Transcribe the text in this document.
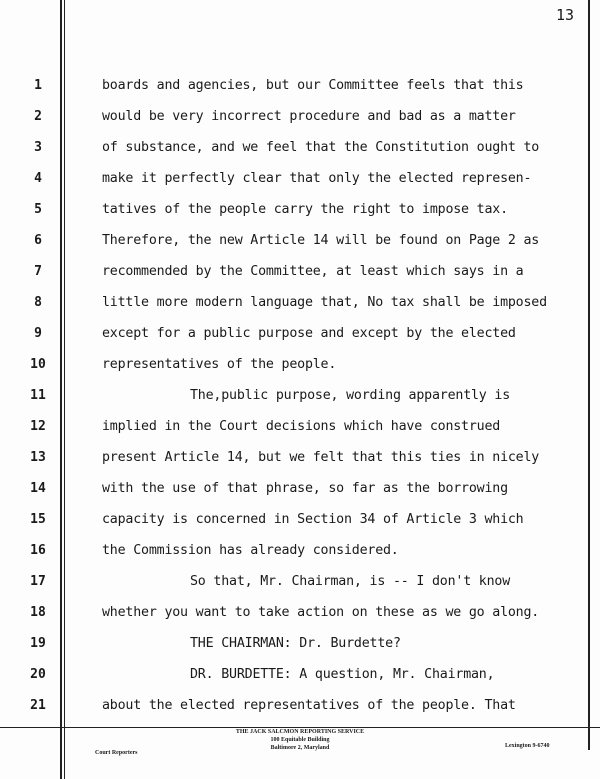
13
1	boards and agencies, but our Committee feels that this
2	would be very incorrect procedure and bad as a matter
3	of substance, and we feel that the Constitution ought to
4	make it perfectly clear that only the elected represen-
5	tatives of the people carry the right to impose tax.
6	Therefore, the new Article 14 will be found on Page 2 as
7	recommended by the Committee, at least which says in a
8	little more modern language that, No tax shall be imposed
9	except for a public purpose and except by the elected
10	representatives of the people.
11	The,public purpose, wording apparently is
12	implied in the Court decisions which have construed
13	present Article 14, but we felt that this ties in nicely
14	with the use of that phrase, so far as the borrowing
15	capacity is concerned in Section 34 of Article 3 which
16	the Commission has already considered.
17	So that, Mr. Chairman, is -- I don't know
18	whether you want to take action on these as we go along.
19	THE CHAIRMAN: Dr. Burdette?
20	DR. BURDETTE: A question, Mr. Chairman,
21	about the elected representatives of the people. That
Court Reporters
THE JACK SALCMON REPORTING SERVICE
100 Equitable Building
Baltimore 2, Maryland	Lexington 9-6740
